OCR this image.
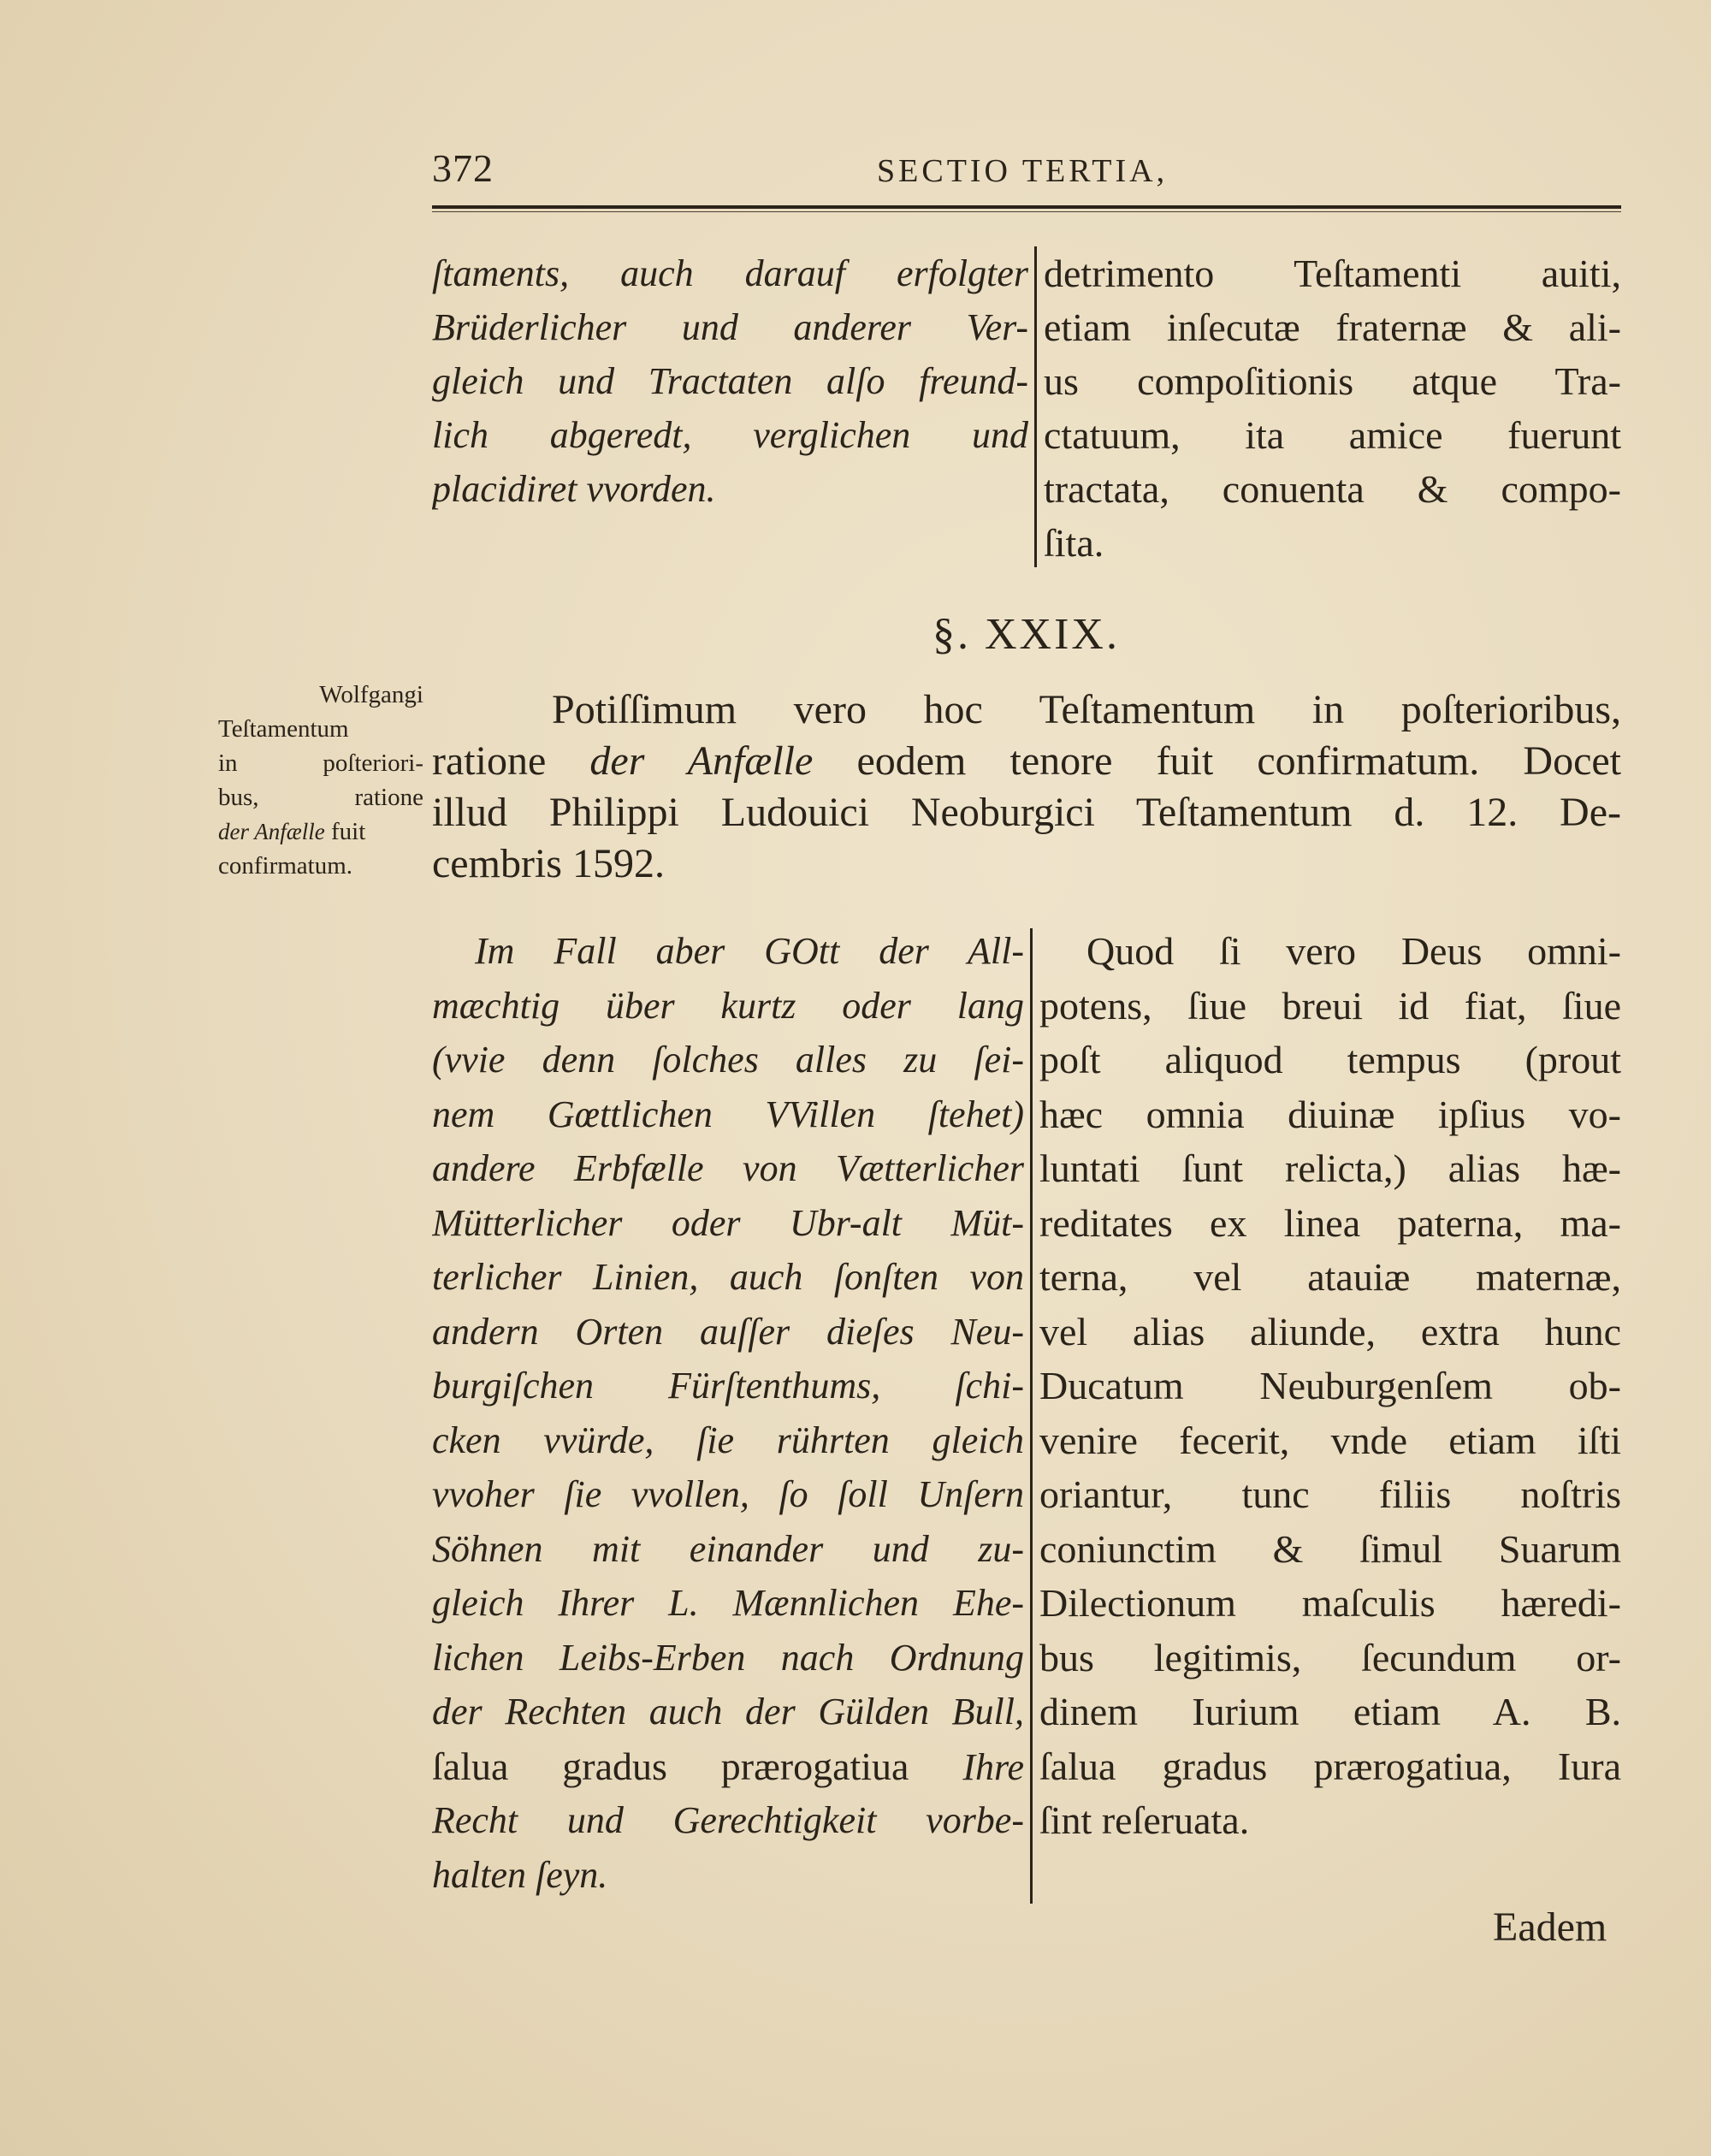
372	SECTIO TERTIA,
ſtaments, auch darauf erfolgter
Brüderlicher und anderer Ver-
gleich und Tractaten alſo freund-
lich abgeredt, verglichen und
placidiret vvorden.
detrimento Teſtamenti auiti,
etiam inſecutæ fraternæ & ali-
us compoſitionis atque Tra-
ctatuum, ita amice fuerunt
tractata, conuenta & compo-
ſita.
§. XXIX.
Wolfgangi
Teſtamentum
in poſteriori-
bus, ratione
der Anfælle fuit
confirmatum.
Potiſſimum vero hoc Teſtamentum in poſterioribus,
ratione der Anfælle eodem tenore fuit confirmatum. Docet
illud Philippi Ludouici Neoburgici Teſtamentum d. 12. De-
cembris 1592.
Im Fall aber GOtt der All-
mæchtig über kurtz oder lang
(vvie denn ſolches alles zu ſei-
nem Gœttlichen VVillen ſtehet)
andere Erbfælle von Vætterlicher
Mütterlicher oder Ubr-alt Müt-
terlicher Linien, auch ſonſten von
andern Orten auſſer dieſes Neu-
burgiſchen Fürſtenthums, ſchi-
cken vvürde, ſie rührten gleich
vvoher ſie vvollen, ſo ſoll Unſern
Söhnen mit einander und zu-
gleich Ihrer L. Mænnlichen Ehe-
lichen Leibs-Erben nach Ordnung
der Rechten auch der Gülden Bull,
ſalua gradus prærogatiua Ihre
Recht und Gerechtigkeit vorbe-
halten ſeyn.
Quod ſi vero Deus omni-
potens, ſiue breui id fiat, ſiue
poſt aliquod tempus (prout
hæc omnia diuinæ ipſius vo-
luntati ſunt relicta,) alias hæ-
reditates ex linea paterna, ma-
terna, vel atauiæ maternæ,
vel alias aliunde, extra hunc
Ducatum Neuburgenſem ob-
venire fecerit, vnde etiam iſti
oriantur, tunc filiis noſtris
coniunctim & ſimul Suarum
Dilectionum maſculis hæredi-
bus legitimis, ſecundum or-
dinem Iurium etiam A. B.
ſalua gradus prærogatiua, Iura
ſint reſeruata.
Eadem
